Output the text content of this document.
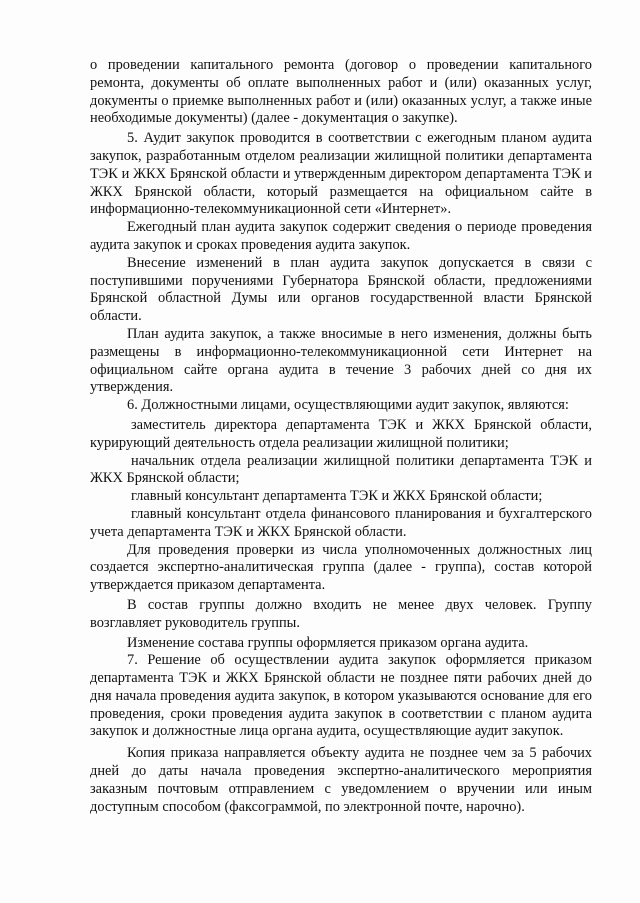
о проведении капитального ремонта (договор о проведении капитального ремонта, документы об оплате выполненных работ и (или) оказанных услуг, документы о приемке выполненных работ и (или) оказанных услуг, а также иные необходимые документы) (далее - документация о закупке).

5. Аудит закупок проводится в соответствии с ежегодным планом аудита закупок, разработанным отделом реализации жилищной политики департамента ТЭК и ЖКХ Брянской области и утвержденным директором департамента ТЭК и ЖКХ Брянской области, который размещается на официальном сайте в информационно-телекоммуникационной сети «Интернет».

Ежегодный план аудита закупок содержит сведения о периоде проведения аудита закупок и сроках проведения аудита закупок.

Внесение изменений в план аудита закупок допускается в связи с поступившими поручениями Губернатора Брянской области, предложениями Брянской областной Думы или органов государственной власти Брянской области.

План аудита закупок, а также вносимые в него изменения, должны быть размещены в информационно-телекоммуникационной сети Интернет на официальном сайте органа аудита в течение 3 рабочих дней со дня их утверждения.

6. Должностными лицами, осуществляющими аудит закупок, являются:

заместитель директора департамента ТЭК и ЖКХ Брянской области, курирующий деятельность отдела реализации жилищной политики;

начальник отдела реализации жилищной политики департамента ТЭК и ЖКХ Брянской области;

главный консультант департамента ТЭК и ЖКХ Брянской области;

главный консультант отдела финансового планирования и бухгалтерского учета департамента ТЭК и ЖКХ Брянской области.

Для проведения проверки из числа уполномоченных должностных лиц создается экспертно-аналитическая группа (далее - группа), состав которой утверждается приказом департамента.

В состав группы должно входить не менее двух человек. Группу возглавляет руководитель группы.

Изменение состава группы оформляется приказом органа аудита.

7. Решение об осуществлении аудита закупок оформляется приказом департамента ТЭК и ЖКХ Брянской области не позднее пяти рабочих дней до дня начала проведения аудита закупок, в котором указываются основание для его проведения, сроки проведения аудита закупок в соответствии с планом аудита закупок и должностные лица органа аудита, осуществляющие аудит закупок.

Копия приказа направляется объекту аудита не позднее чем за 5 рабочих дней до даты начала проведения экспертно-аналитического мероприятия заказным почтовым отправлением с уведомлением о вручении или иным доступным способом (факсограммой, по электронной почте, нарочно).
